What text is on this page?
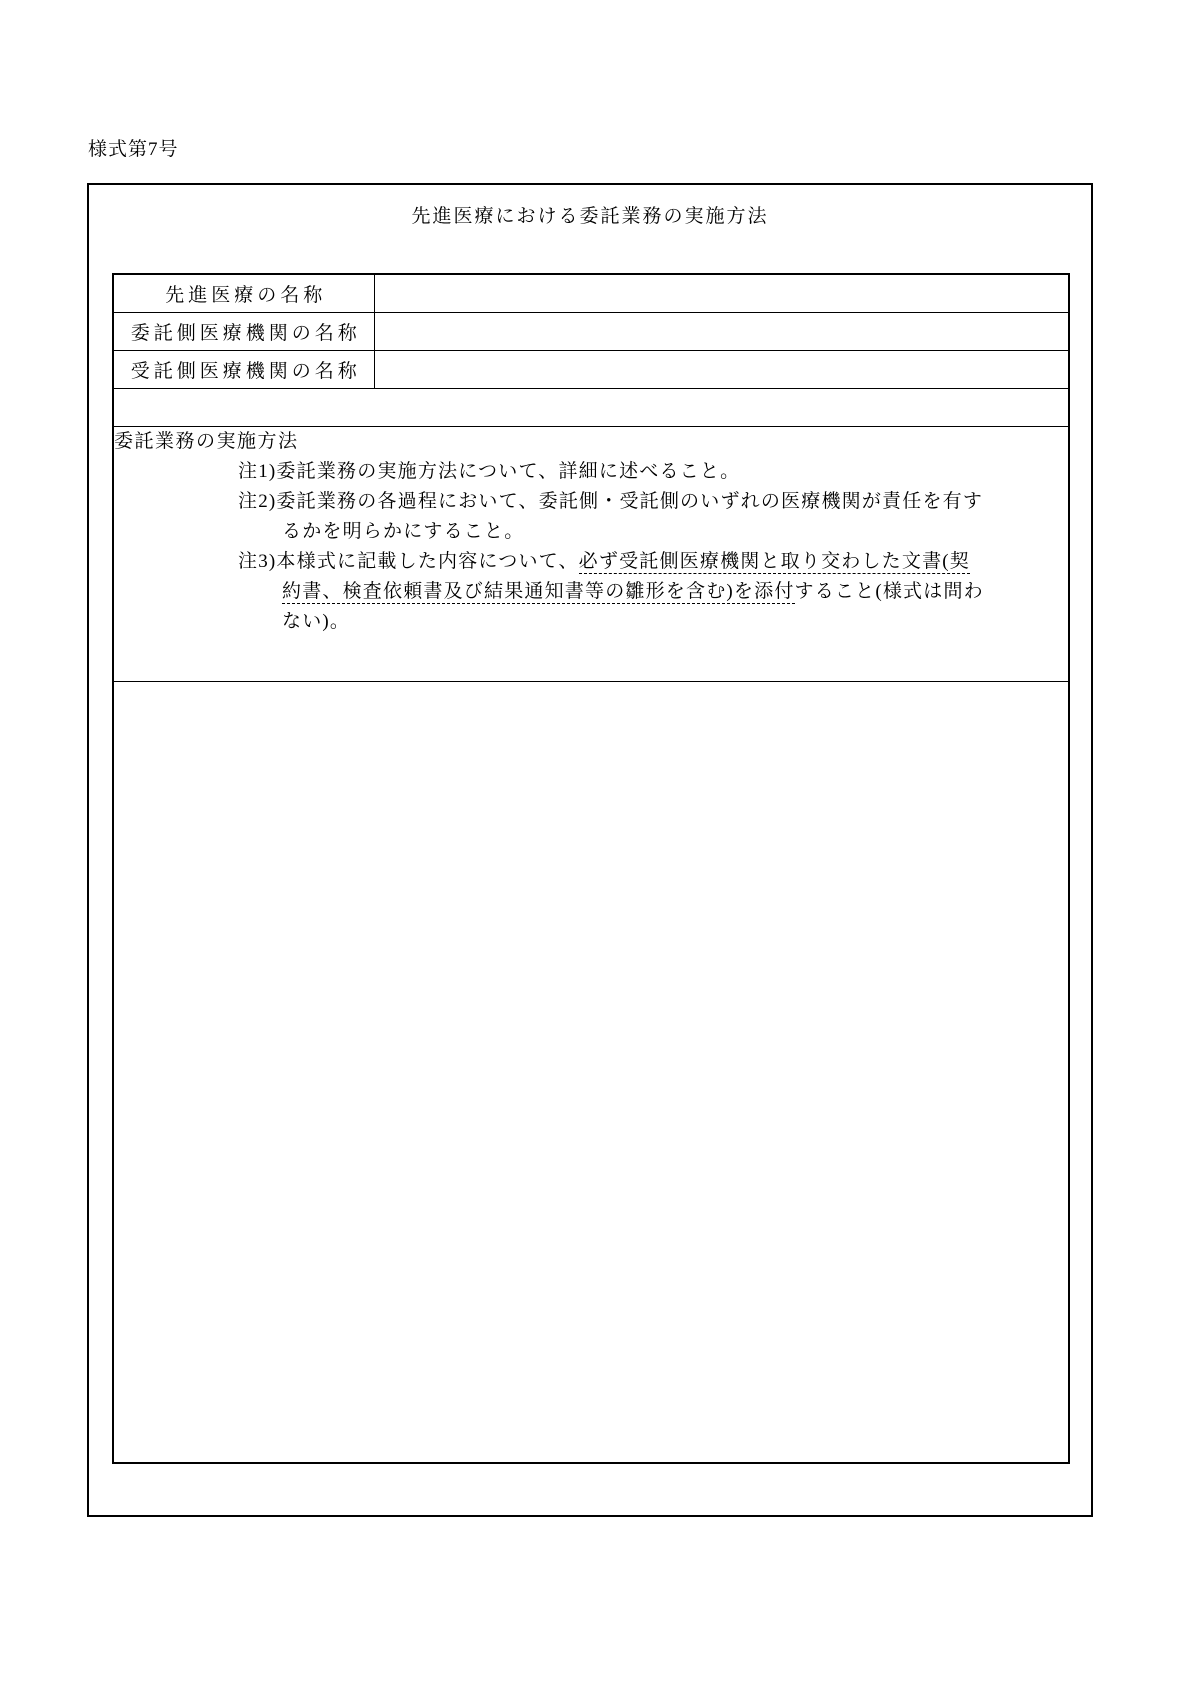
様式第7号
先進医療における委託業務の実施方法
先進医療の名称	
委託側医療機関の名称	
受託側医療機関の名称	

委託業務の実施方法
注1)委託業務の実施方法について、詳細に述べること。
注2)委託業務の各過程において、委託側・受託側のいずれの医療機関が責任を有す
るかを明らかにすること。
注3)本様式に記載した内容について、必ず受託側医療機関と取り交わした文書(契
約書、検査依頼書及び結果通知書等の雛形を含む)を添付すること(様式は問わ
ない)。
